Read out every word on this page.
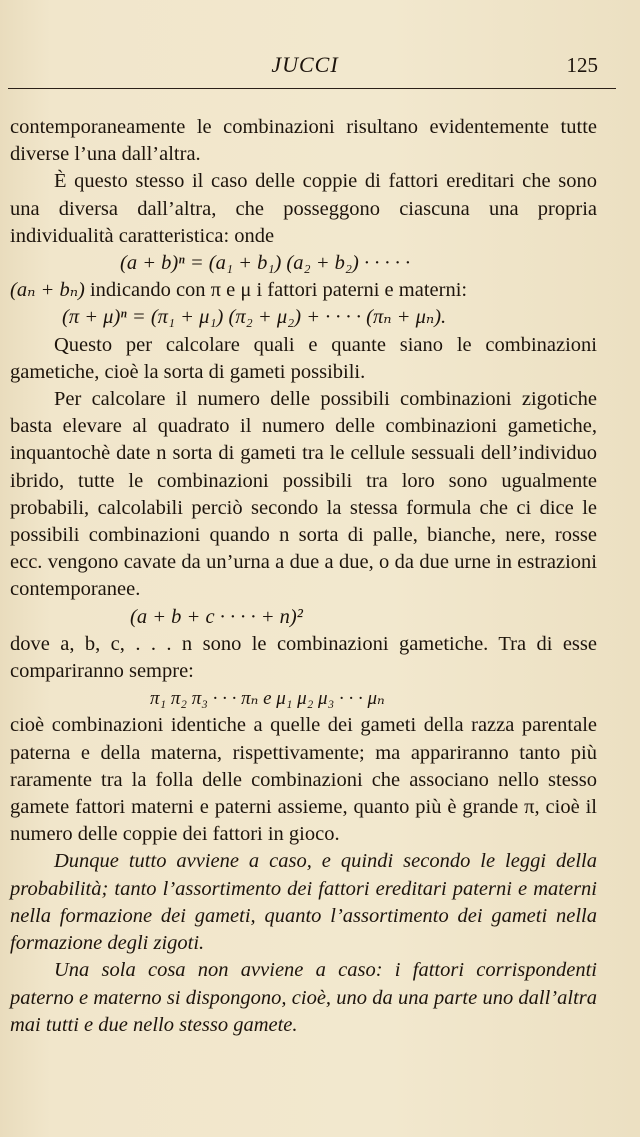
JUCCI	125

contemporaneamente le combinazioni risultano evidentemente tutte diverse l’una dall’altra.

È questo stesso il caso delle coppie di fattori ereditari che sono una diversa dall’altra, che posseggono ciascuna una propria individualità caratteristica: onde

(a + b)ⁿ = (a₁ + b₁) (a₂ + b₂) · · · · ·

(aₙ + bₙ) indicando con π e μ i fattori paterni e materni:

(π + μ)ⁿ = (π₁ + μ₁) (π₂ + μ₂) + · · · · (πₙ + μₙ).

Questo per calcolare quali e quante siano le combinazioni gametiche, cioè la sorta di gameti possibili.

Per calcolare il numero delle possibili combinazioni zigotiche basta elevare al quadrato il numero delle combinazioni gametiche, inquantochè date n sorta di gameti tra le cellule sessuali dell’individuo ibrido, tutte le combinazioni possibili tra loro sono ugualmente probabili, calcolabili perciò secondo la stessa formula che ci dice le possibili combinazioni quando n sorta di palle, bianche, nere, rosse ecc. vengono cavate da un’urna a due a due, o da due urne in estrazioni contemporanee.

(a + b + c · · · · + n)²

dove a, b, c, . . . n sono le combinazioni gametiche. Tra di esse compariranno sempre:

π₁ π₂ π₃ · · · πₙ e μ₁ μ₂ μ₃ · · · μₙ

cioè combinazioni identiche a quelle dei gameti della razza parentale paterna e della materna, rispettivamente; ma appariranno tanto più raramente tra la folla delle combinazioni che associano nello stesso gamete fattori materni e paterni assieme, quanto più è grande π, cioè il numero delle coppie dei fattori in gioco.

Dunque tutto avviene a caso, e quindi secondo le leggi della probabilità; tanto l’assortimento dei fattori ereditari paterni e materni nella formazione dei gameti, quanto l’assortimento dei gameti nella formazione degli zigoti.

Una sola cosa non avviene a caso: i fattori corrispondenti paterno e materno si dispongono, cioè, uno da una parte uno dall’altra mai tutti e due nello stesso gamete.
